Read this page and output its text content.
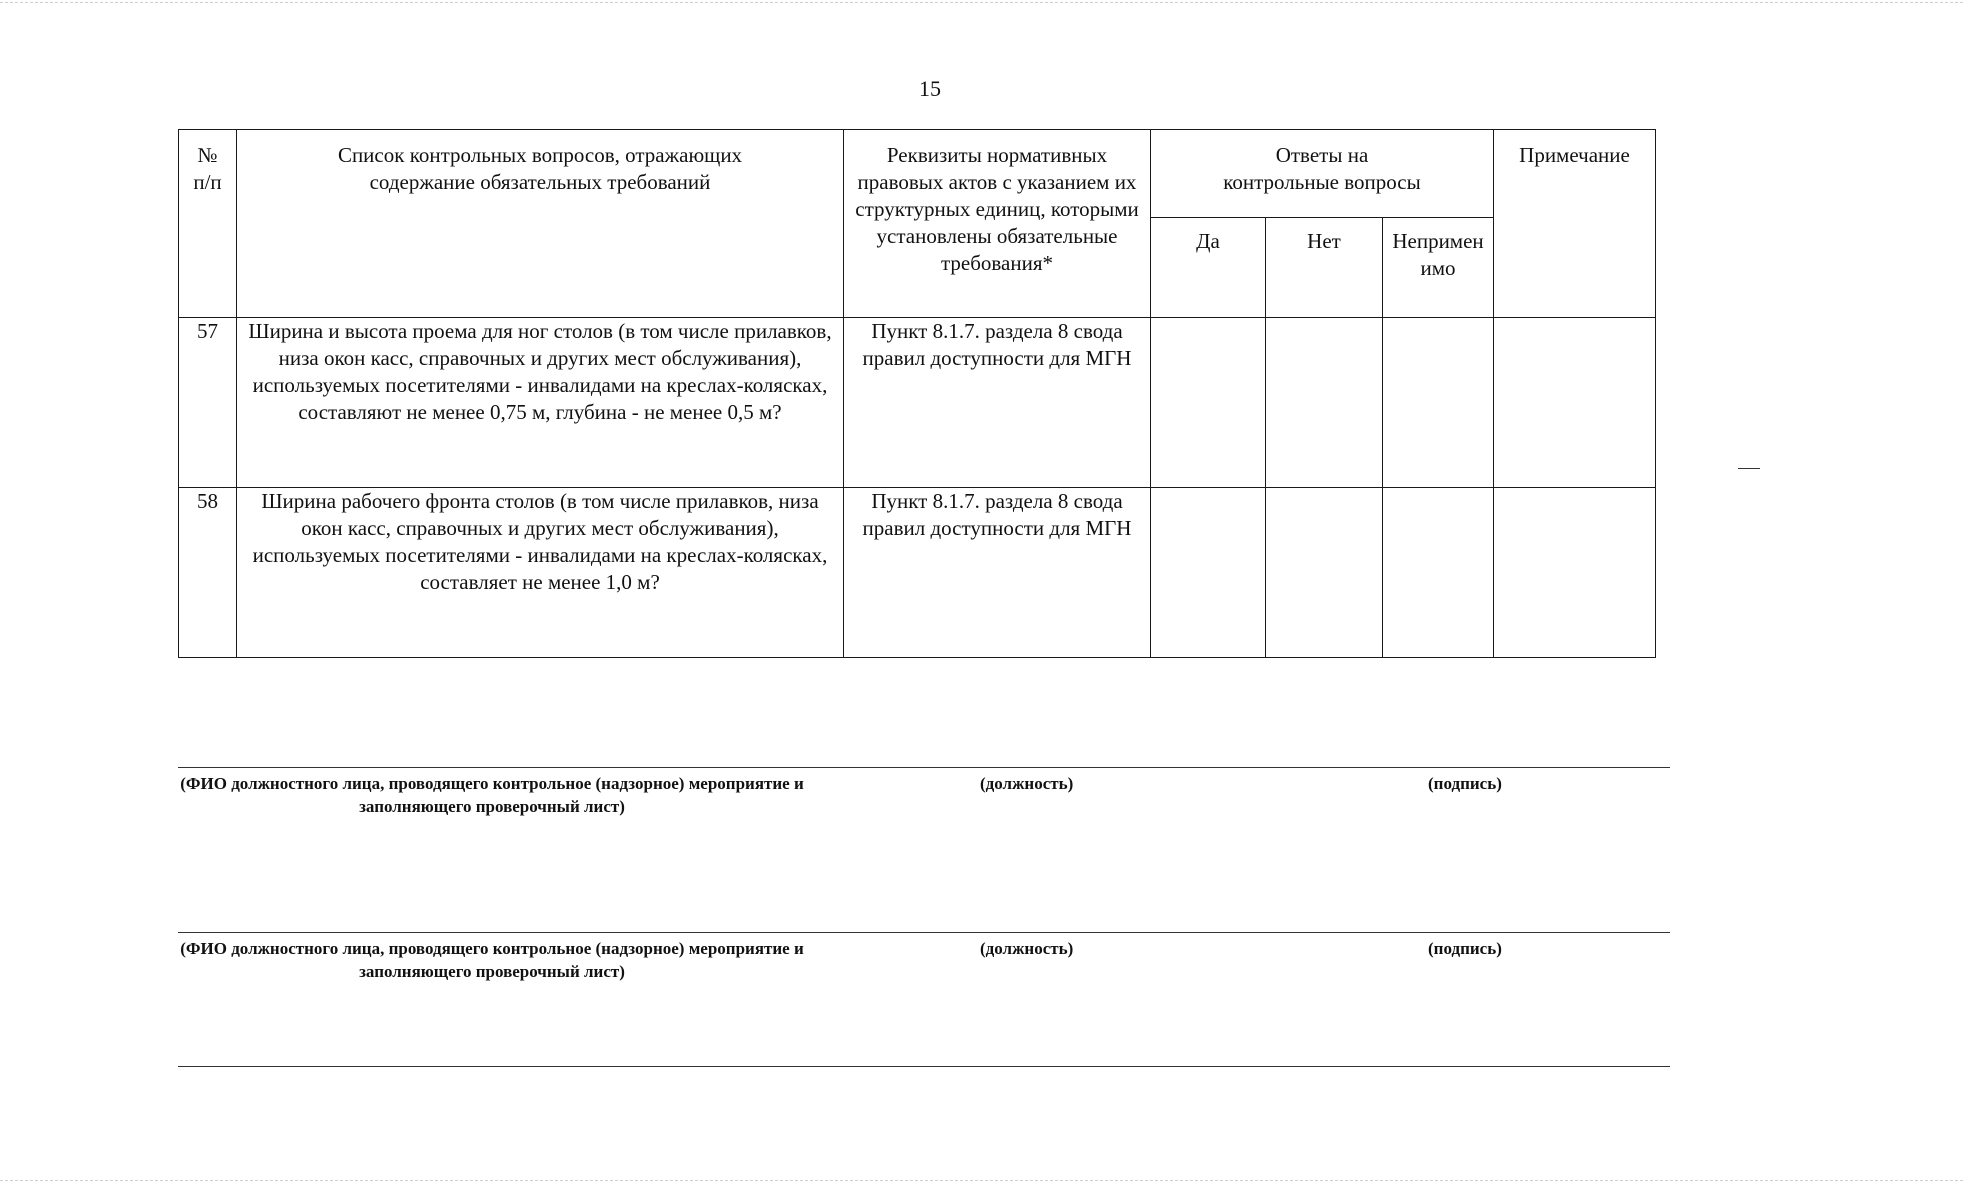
15
№ п/п	Список контрольных вопросов, отражающих содержание обязательных требований	Реквизиты нормативных правовых актов с указанием их структурных единиц, которыми установлены обязательные требования*	Ответы на контрольные вопросы			Примечание

			Да	Нет	Неприменимо	

57	Ширина и высота проема для ног столов (в том числе прилавков, низа окон касс, справочных и других мест обслуживания), используемых посетителями - инвалидами на креслах-колясках, составляют не менее 0,75 м, глубина - не менее 0,5 м?	Пункт 8.1.7. раздела 8 свода правил доступности для МГН				

58	Ширина рабочего фронта столов (в том числе прилавков, низа окон касс, справочных и других мест обслуживания), используемых посетителями - инвалидами на креслах-колясках, составляет не менее 1,0 м?	Пункт 8.1.7. раздела 8 свода правил доступности для МГН				

(ФИО должностного лица, проводящего контрольное (надзорное) мероприятие и заполняющего проверочный лист)
(должность)	(подпись)
(ФИО должностного лица, проводящего контрольное (надзорное) мероприятие и заполняющего проверочный лист)
(должность)	(подпись)
